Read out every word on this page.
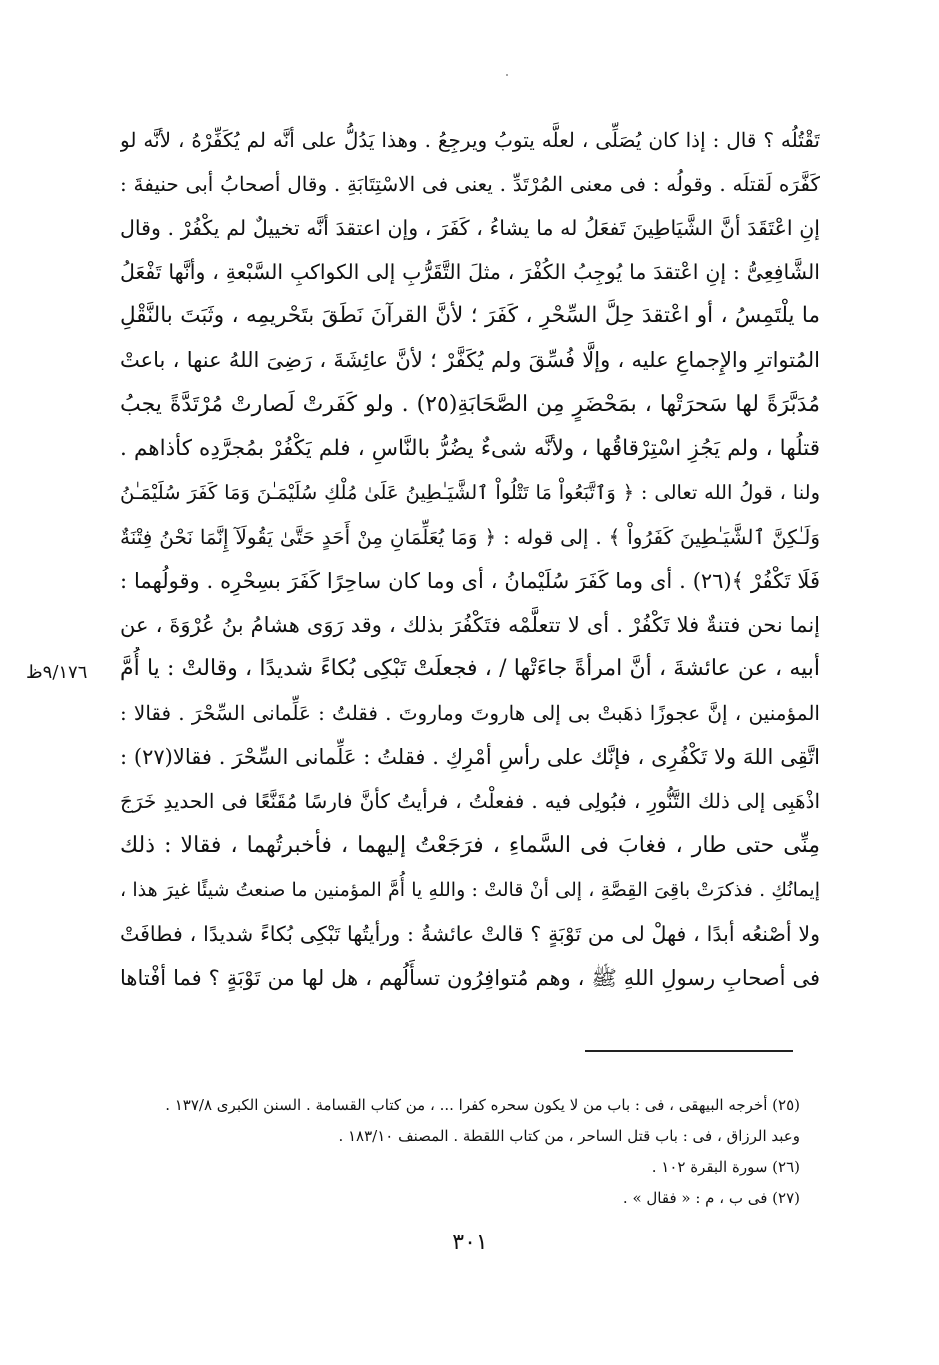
تَقْتُلُه ؟ قال : إذا كان يُصَلِّى ، لعلَّه يتوبُ ويرجِعُ . وهذا يَدُلُّ على أنَّه لم يُكَفِّرْهُ ، لأنَّه لو
كَفَّرَه لَقتلَه . وقولُه : فى معنى المُرْتَدِّ . يعنى فى الاسْتِتَابَةِ . وقال أصحابُ أبى حنيفةَ :
إنِ اعْتَقَدَ أنَّ الشَّيَاطِينَ تَفعَلُ له ما يشاءُ ، كَفَرَ ، وإن اعتقدَ أنَّه تخييلٌ لم يكْفُرْ . وقال
الشَّافِعِىُّ : إنِ اعْتقدَ ما يُوجِبُ الكُفْرَ ، مثلَ التَّقَرُّبِ إلى الكواكبِ السَّبْعةِ ، وأنَّها تَفْعَلُ
ما يلْتَمِسُ ، أو اعْتقدَ حِلَّ السِّحْرِ ، كَفَرَ ؛ لأنَّ القرآنَ نَطَقَ بتَحْريمِه ، وثَبَتَ بالنَّقْلِ
المُتواترِ والإِجماعِ عليه ، وإلَّا فُسِّقَ ولم يُكَفَّرْ ؛ لأنَّ عائِشَةَ ، رَضِىَ اللهُ عنها ، باعتْ
مُدَبَّرَةً لها سَحرَتْها ، بمَحْضَرٍ مِن الصَّحَابَةِ(٢٥) . ولو كَفَرتْ لَصارتْ مُرْتَدَّةً يجبُ
قتلُها ، ولم يَجُزِ اسْتِرْقاقُها ، ولأنَّه شىءٌ يضُرُّ بالنَّاسِ ، فلم يَكْفُرْ بمُجرَّدِه كأذاهم .
ولنا ، قولُ الله تعالى : ﴿ وَٱتَّبَعُواْ مَا تَتْلُواْ ٱلشَّيَـٰطِينُ عَلَىٰ مُلْكِ سُلَيْمَـٰنَ وَمَا كَفَرَ سُلَيْمَـٰنُ
وَلَـٰكِنَّ ٱلشَّيَـٰطِينَ كَفَرُواْ ﴾ . إلى قوله : ﴿ وَمَا يُعَلِّمَانِ مِنْ أَحَدٍ حَتَّىٰ يَقُولَآ إِنَّمَا نَحْنُ فِتْنَةٌ
فَلَا تَكْفُرْ ﴾(٢٦) . أى وما كَفَرَ سُلَيْمانُ ، أى وما كان ساحِرًا كَفَرَ بسِحْرِه . وقولُهما :
إنما نحن فتنةٌ فلا تَكْفُرْ . أى لا تتعلَّمْه فتَكْفُرَ بذلك ، وقد رَوَى هشامُ بنُ عُرْوَةَ ، عن
أبيه ، عن عائشةَ ، أنَّ امرأةً جاءَتْها / ، فجعلَتْ تَبْكِى بُكاءً شديدًا ، وقالتْ : يا أُمَّ
المؤمنين ، إنَّ عجوزًا ذهَبتْ بى إلى هاروتَ وماروتَ . فقلتُ : عَلِّمانى السِّحْرَ . فقالا :
اتَّقِى اللهَ ولا تَكْفُرِى ، فإنَّك على رأسِ أمْرِكِ . فقلتُ : عَلِّمانى السِّحْرَ . فقالا(٢٧) :
اذْهَبِى إلى ذلك التَّنُّورِ ، فبُولِى فيه . ففعلْتُ ، فرأيتُ كأنَّ فارسًا مُقَنَّعًا فى الحديدِ خَرَجَ
مِنِّى حتى طار ، فغابَ فى السَّماءِ ، فرَجَعْتُ إليهما ، فأخبرتُهما ، فقالا : ذلك
إيمانُكِ . فذكرَتْ باقِىَ القِصَّةِ ، إلى أنْ قالتْ : واللهِ يا أُمَّ المؤمنين ما صنعتُ شيئًا غيرَ هذا ،
ولا أصْنعُه أبدًا ، فهلْ لى من تَوْبَةٍ ؟ قالتْ عائشةُ : ورأيتُها تَبْكِى بُكاءً شديدًا ، فطافَتْ
فى أصحابِ رسولِ اللهِ ﷺ ، وهم مُتوافِرُون تسأَلُهم ، هل لها من تَوْبَةٍ ؟ فما أفْتاها
٩/١٧٦ظ
(٢٥) أخرجه البيهقى ، فى : باب من لا يكون سحره كفرا ... ، من كتاب القسامة . السنن الكبرى ١٣٧/٨ .
وعبد الرزاق ، فى : باب قتل الساحر ، من كتاب اللقطة . المصنف ١٨٣/١٠ .
(٢٦) سورة البقرة ١٠٢ .
(٢٧) فى ب ، م : « فقال » .
٣٠١
